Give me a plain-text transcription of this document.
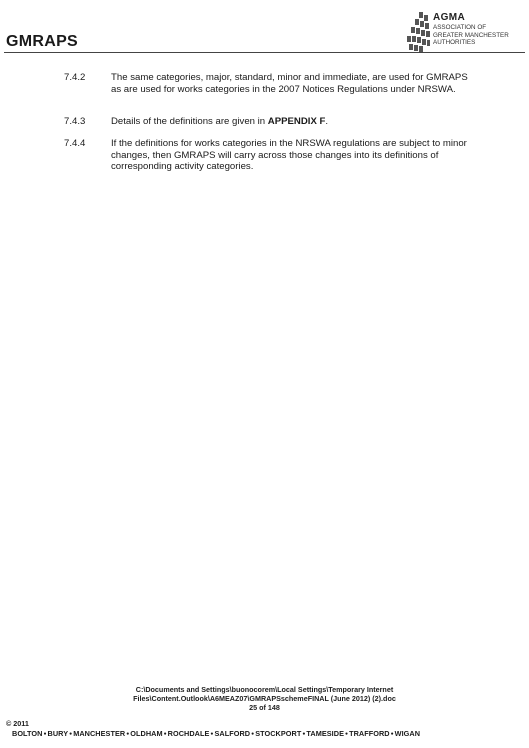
GMRAPS
AGMA
ASSOCIATION OF
GREATER MANCHESTER
AUTHORITIES
7.4.2	The same categories, major, standard, minor and immediate, are used for GMRAPS as are used for works categories in the 2007 Notices Regulations under NRSWA.
7.4.3	Details of the definitions are given in APPENDIX F.
7.4.4	If the definitions for works categories in the NRSWA regulations are subject to minor changes, then GMRAPS will carry across those changes into its definitions of corresponding activity categories.
C:\Documents and Settings\buonocorem\Local Settings\Temporary Internet
Files\Content.Outlook\A6MEAZ07\GMRAPSschemeFINAL (June 2012) (2).doc
25 of 148
© 2011
BOLTON●BURY●MANCHESTER●OLDHAM●ROCHDALE●SALFORD●STOCKPORT●TAMESIDE●TRAFFORD●WIGAN
